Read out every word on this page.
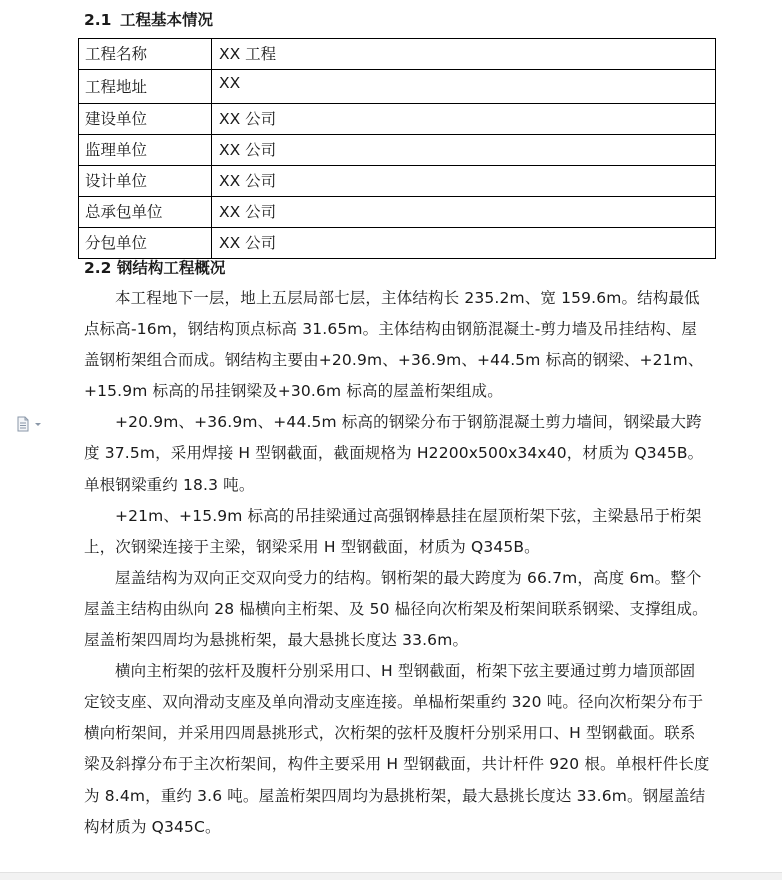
2.1 工程基本情况
工程名称	XX 工程
工程地址	XX
建设单位	XX 公司
监理单位	XX 公司
设计单位	XX 公司
总承包单位	XX 公司
分包单位	XX 公司
2.2 钢结构工程概况

本工程地下一层，地上五层局部七层，主体结构长 235.2m、宽 159.6m。结构最低点标高-16m，钢结构顶点标高 31.65m。主体结构由钢筋混凝土-剪力墙及吊挂结构、屋盖钢桁架组合而成。钢结构主要由+20.9m、+36.9m、+44.5m 标高的钢梁、+21m、+15.9m 标高的吊挂钢梁及+30.6m 标高的屋盖桁架组成。

+20.9m、+36.9m、+44.5m 标高的钢梁分布于钢筋混凝土剪力墙间，钢梁最大跨度 37.5m，采用焊接 H 型钢截面，截面规格为 H2200x500x34x40，材质为 Q345B。单根钢梁重约 18.3 吨。

+21m、+15.9m 标高的吊挂梁通过高强钢棒悬挂在屋顶桁架下弦，主梁悬吊于桁架上，次钢梁连接于主梁，钢梁采用 H 型钢截面，材质为 Q345B。

屋盖结构为双向正交双向受力的结构。钢桁架的最大跨度为 66.7m，高度 6m。整个屋盖主结构由纵向 28 榀横向主桁架、及 50 榀径向次桁架及桁架间联系钢梁、支撑组成。屋盖桁架四周均为悬挑桁架，最大悬挑长度达 33.6m。

横向主桁架的弦杆及腹杆分别采用口、H 型钢截面，桁架下弦主要通过剪力墙顶部固定铰支座、双向滑动支座及单向滑动支座连接。单榀桁架重约 320 吨。径向次桁架分布于横向桁架间，并采用四周悬挑形式，次桁架的弦杆及腹杆分别采用口、H 型钢截面。联系梁及斜撑分布于主次桁架间，构件主要采用 H 型钢截面，共计杆件 920 根。单根杆件长度为 8.4m，重约 3.6 吨。屋盖桁架四周均为悬挑桁架，最大悬挑长度达 33.6m。钢屋盖结构材质为 Q345C。
